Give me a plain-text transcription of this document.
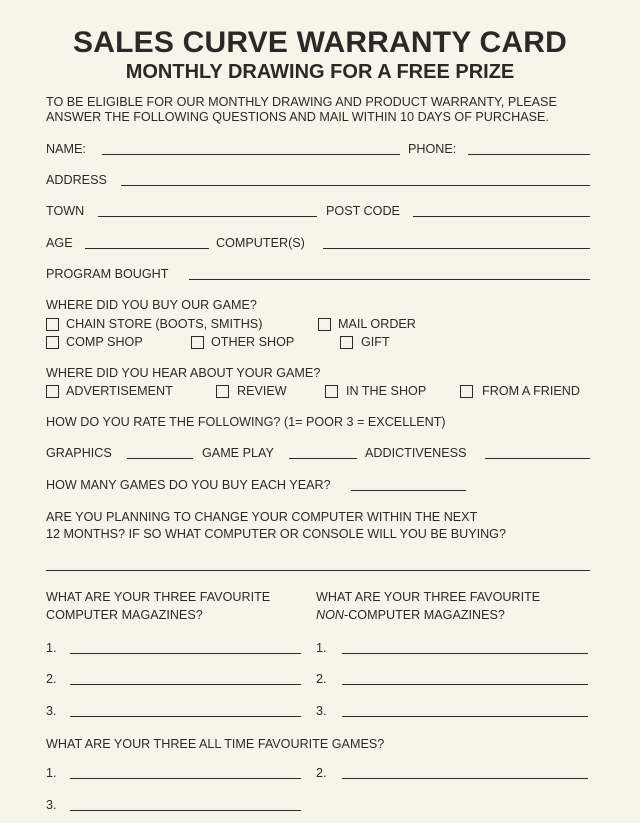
SALES CURVE WARRANTY CARD
MONTHLY DRAWING FOR A FREE PRIZE
TO BE ELIGIBLE FOR OUR MONTHLY DRAWING AND PRODUCT WARRANTY, PLEASE
ANSWER THE FOLLOWING QUESTIONS AND MAIL WITHIN 10 DAYS OF PURCHASE.
NAME:	PHONE:
ADDRESS
TOWN	POST CODE
AGE	COMPUTER(S)
PROGRAM BOUGHT
WHERE DID YOU BUY OUR GAME?
CHAIN STORE (BOOTS, SMITHS)	MAIL ORDER
COMP SHOP	OTHER SHOP	GIFT
WHERE DID YOU HEAR ABOUT YOUR GAME?
ADVERTISEMENT	REVIEW	IN THE SHOP	FROM A FRIEND
HOW DO YOU RATE THE FOLLOWING? (1= POOR 3 = EXCELLENT)
GRAPHICS	GAME PLAY	ADDICTIVENESS
HOW MANY GAMES DO YOU BUY EACH YEAR?
ARE YOU PLANNING TO CHANGE YOUR COMPUTER WITHIN THE NEXT
12 MONTHS? IF SO WHAT COMPUTER OR CONSOLE WILL YOU BE BUYING?
WHAT ARE YOUR THREE FAVOURITE
COMPUTER MAGAZINES?
WHAT ARE YOUR THREE FAVOURITE
NON-COMPUTER MAGAZINES?
1.	1.
2.	2.
3.	3.
WHAT ARE YOUR THREE ALL TIME FAVOURITE GAMES?
1.	2.
3.
